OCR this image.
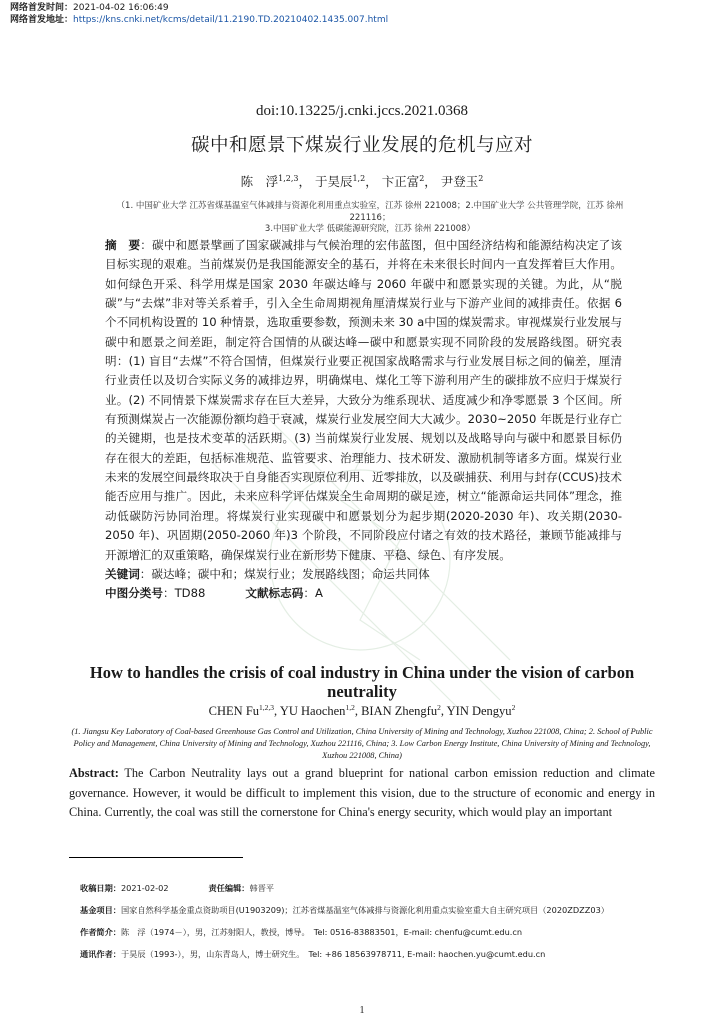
网络首发时间：2021-04-02 16:06:49
网络首发地址：https://kns.cnki.net/kcms/detail/11.2190.TD.20210402.1435.007.html
doi:10.13225/j.cnki.jccs.2021.0368
碳中和愿景下煤炭行业发展的危机与应对
陈　浮$^{1,2,3}$， 于昊辰$^{1,2}$， 卞正富$^2$， 尹登玉$^2$
（1. 中国矿业大学 江苏省煤基温室气体减排与资源化利用重点实验室，江苏 徐州 221008；2.中国矿业大学 公共管理学院，江苏 徐州 221116；
3.中国矿业大学 低碳能源研究院，江苏 徐州 221008）
摘　要：碳中和愿景擘画了国家碳减排与气候治理的宏伟蓝图，但中国经济结构和能源结构决定了该目标实现的艰难。当前煤炭仍是我国能源安全的基石，并将在未来很长时间内一直发挥着巨大作用。如何绿色开采、科学用煤是国家 2030 年碳达峰与 2060 年碳中和愿景实现的关键。为此，从“脱碳”与“去煤”非对等关系着手，引入全生命周期视角厘清煤炭行业与下游产业间的减排责任。依据 6 个不同机构设置的 10 种情景，选取重要参数，预测未来 30 a中国的煤炭需求。审视煤炭行业发展与碳中和愿景之间差距，制定符合国情的从碳达峰—碳中和愿景实现不同阶段的发展路线图。研究表明：(1) 盲目“去煤”不符合国情，但煤炭行业要正视国家战略需求与行业发展目标之间的偏差，厘清行业责任以及切合实际义务的减排边界，明确煤电、煤化工等下游利用产生的碳排放不应归于煤炭行业。(2) 不同情景下煤炭需求存在巨大差异，大致分为维系现状、适度减少和净零愿景 3 个区间。所有预测煤炭占一次能源份额均趋于衰减，煤炭行业发展空间大大减少。2030~2050 年既是行业存亡的关键期，也是技术变革的活跃期。(3) 当前煤炭行业发展、规划以及战略导向与碳中和愿景目标仍存在很大的差距，包括标准规范、监管要求、治理能力、技术研发、激励机制等诸多方面。煤炭行业未来的发展空间最终取决于自身能否实现原位利用、近零排放，以及碳捕获、利用与封存(CCUS)技术能否应用与推广。因此，未来应科学评估煤炭全生命周期的碳足迹，树立“能源命运共同体”理念，推动低碳防污协同治理。将煤炭行业实现碳中和愿景划分为起步期(2020-2030 年)、攻关期(2030-2050 年)、巩固期(2050-2060 年)3 个阶段，不同阶段应付诸之有效的技术路径，兼顾节能减排与开源增汇的双重策略，确保煤炭行业在新形势下健康、平稳、绿色、有序发展。
关键词：碳达峰；碳中和；煤炭行业；发展路线图；命运共同体
中图分类号：TD88	文献标志码：A
How to handles the crisis of coal industry in China under the vision of carbon neutrality
CHEN Fu$^{1,2,3}$, YU Haochen$^{1,2}$, BIAN Zhengfu$^2$, YIN Dengyu$^2$
(1. Jiangsu Key Laboratory of Coal-based Greenhouse Gas Control and Utilization, China University of Mining and Technology, Xuzhou 221008, China; 2. School of Public Policy and Management, China University of Mining and Technology, Xuzhou 221116, China; 3. Low Carbon Energy Institute, China University of Mining and Technology, Xuzhou 221008, China)
Abstract: The Carbon Neutrality lays out a grand blueprint for national carbon emission reduction and climate governance. However, it would be difficult to implement this vision, due to the structure of economic and energy in China. Currently, the coal was still the cornerstone for China's energy security, which would play an important
收稿日期：2021-02-02	责任编辑：韩晋平
基金项目：国家自然科学基金重点资助项目(U1903209)；江苏省煤基温室气体减排与资源化利用重点实验室重大自主研究项目（2020ZDZZ03）
作者简介：陈　浮（1974－），男，江苏射阳人，教授，博导。　Tel: 0516-83883501，E-mail: chenfu@cumt.edu.cn
通讯作者：于昊辰（1993-），男，山东青岛人，博士研究生。　Tel: +86 18563978711, E-mail: haochen.yu@cumt.edu.cn
1
